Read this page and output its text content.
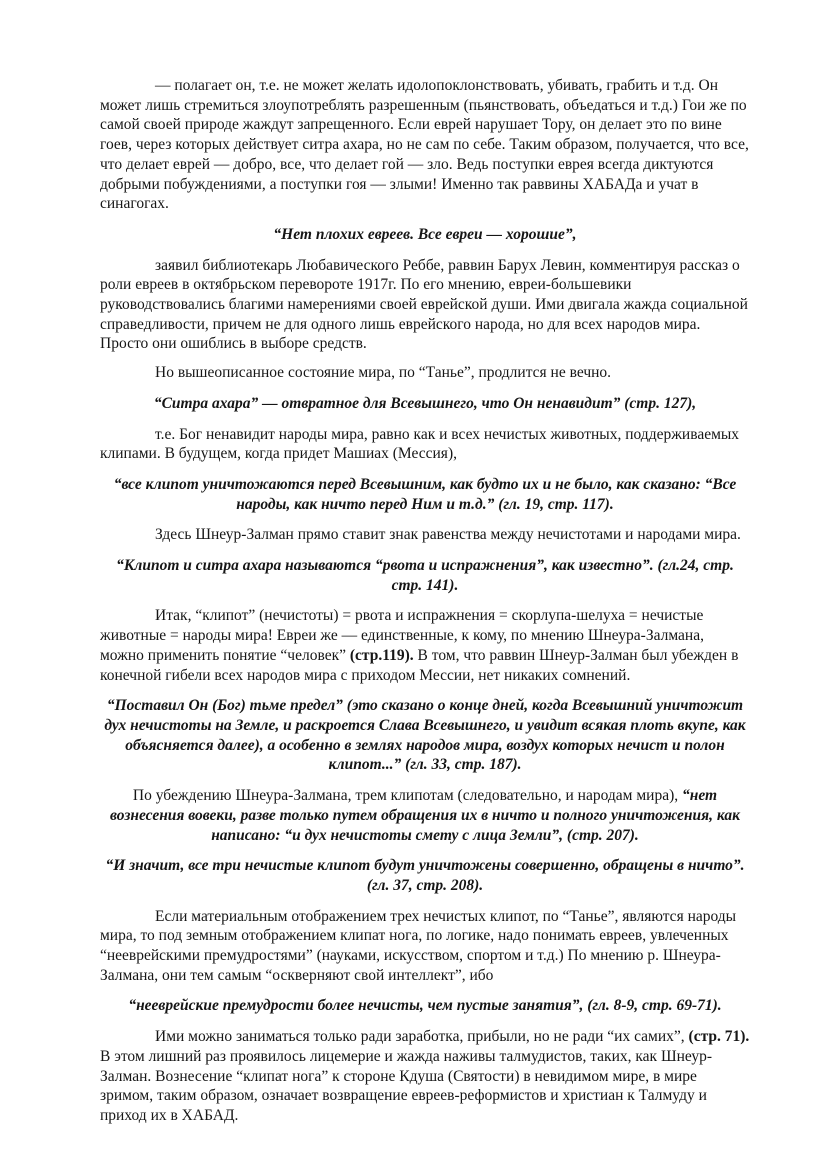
— полагает он, т.е. не может желать идолопоклонствовать, убивать, грабить и т.д. Он может лишь стремиться злоупотреблять разрешенным (пьянствовать, объедаться и т.д.) Гои же по самой своей природе жаждут запрещенного. Если еврей нарушает Тору, он делает это по вине гоев, через которых действует ситра ахара, но не сам по себе. Таким образом, получается, что все, что делает еврей — добро, все, что делает гой — зло. Ведь поступки еврея всегда диктуются добрыми побуждениями, а поступки гоя — злыми! Именно так раввины ХАБАДа и учат в синагогах.

“Нет плохих евреев. Все евреи — хорошие”,

заявил библиотекарь Любавического Реббе, раввин Барух Левин, комментируя рассказ о роли евреев в октябрьском перевороте 1917г. По его мнению, евреи-большевики руководствовались благими намерениями своей еврейской души. Ими двигала жажда социальной справедливости, причем не для одного лишь еврейского народа, но для всех народов мира. Просто они ошиблись в выборе средств.

Но вышеописанное состояние мира, по “Танье”, продлится не вечно.

“Ситра ахара” — отвратное для Всевышнего, что Он ненавидит” (стр. 127),

т.е. Бог ненавидит народы мира, равно как и всех нечистых животных, поддерживаемых клипами. В будущем, когда придет Машиах (Мессия),

“все клипот уничтожаются перед Всевышним, как будто их и не было, как сказано: “Все народы, как ничто перед Ним и т.д.” (гл. 19, стр. 117).

Здесь Шнеур-Залман прямо ставит знак равенства между нечистотами и народами мира.

“Клипот и ситра ахара называются “рвота и испражнения”, как известно”. (гл.24, стр. стр. 141).

Итак, “клипот” (нечистоты) = рвота и испражнения = скорлупа-шелуха = нечистые животные = народы мира! Евреи же — единственные, к кому, по мнению Шнеура-Залмана, можно применить понятие “человек” (стр.119). В том, что раввин Шнеур-Залман был убежден в конечной гибели всех народов мира с приходом Мессии, нет никаких сомнений.

“Поставил Он (Бог) тьме предел” (это сказано о конце дней, когда Всевышний уничтожит дух нечистоты на Земле, и раскроется Слава Всевышнего, и увидит всякая плоть вкупе, как объясняется далее), а особенно в землях народов мира, воздух которых нечист и полон клипот...” (гл. 33, стр. 187).

По убеждению Шнеура-Залмана, трем клипотам (следовательно, и народам мира), “нет вознесения вовеки, разве только путем обращения их в ничто и полного уничтожения, как написано: “и дух нечистоты смету с лица Земли”, (стр. 207).

“И значит, все три нечистые клипот будут уничтожены совершенно, обращены в ничто”. (гл. 37, стр. 208).

Если материальным отображением трех нечистых клипот, по “Танье”, являются народы мира, то под земным отображением клипат нога, по логике, надо понимать евреев, увлеченных “нееврейскими премудростями” (науками, искусством, спортом и т.д.) По мнению р. Шнеура-Залмана, они тем самым “оскверняют свой интеллект”, ибо

“нееврейские премудрости более нечисты, чем пустые занятия”, (гл. 8-9, стр. 69-71).

Ими можно заниматься только ради заработка, прибыли, но не ради “их самих”, (стр. 71). В этом лишний раз проявилось лицемерие и жажда наживы талмудистов, таких, как Шнеур-Залман. Вознесение “клипат нога” к стороне Кдуша (Святости) в невидимом мире, в мире зримом, таким образом, означает возвращение евреев-реформистов и христиан к Талмуду и приход их в ХАБАД.
